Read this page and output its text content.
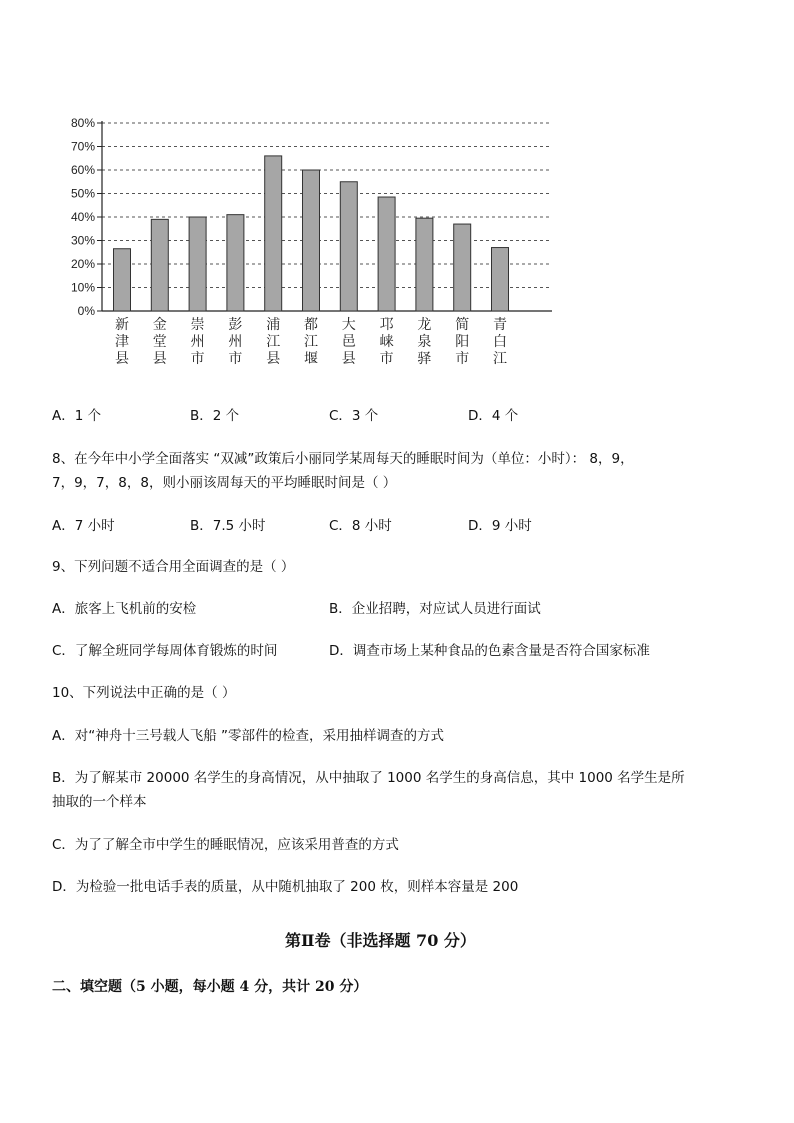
0%
10%
20%
30%
40%
50%
60%
70%
80%
新津县
金堂县
崇州市
彭州市
浦江县
都江堰
大邑县
邛崃市
龙泉驿
简阳市
青白江
A．1 个	B．2 个	C．3 个	D．4 个
8、在今年中小学全面落实 “双减”政策后小丽同学某周每天的睡眠时间为（单位：小时）： 8，9，
7，9，7，8，8，则小丽该周每天的平均睡眠时间是（ ）
A．7 小时	B．7.5 小时	C．8 小时	D．9 小时
9、下列问题不适合用全面调查的是（ ）
A．旅客上飞机前的安检	B．企业招聘，对应试人员进行面试
C．了解全班同学每周体育锻炼的时间	D．调查市场上某种食品的色素含量是否符合国家标准
10、下列说法中正确的是（ ）
A．对“神舟十三号载人飞船 ”零部件的检查，采用抽样调查的方式
B．为了解某市 20000 名学生的身高情况，从中抽取了 1000 名学生的身高信息，其中 1000 名学生是所
抽取的一个样本
C．为了了解全市中学生的睡眠情况，应该采用普查的方式
D．为检验一批电话手表的质量，从中随机抽取了 200 枚，则样本容量是 200
第Ⅱ卷（非选择题 70 分）
二、填空题（5 小题，每小题 4 分，共计 20 分）
